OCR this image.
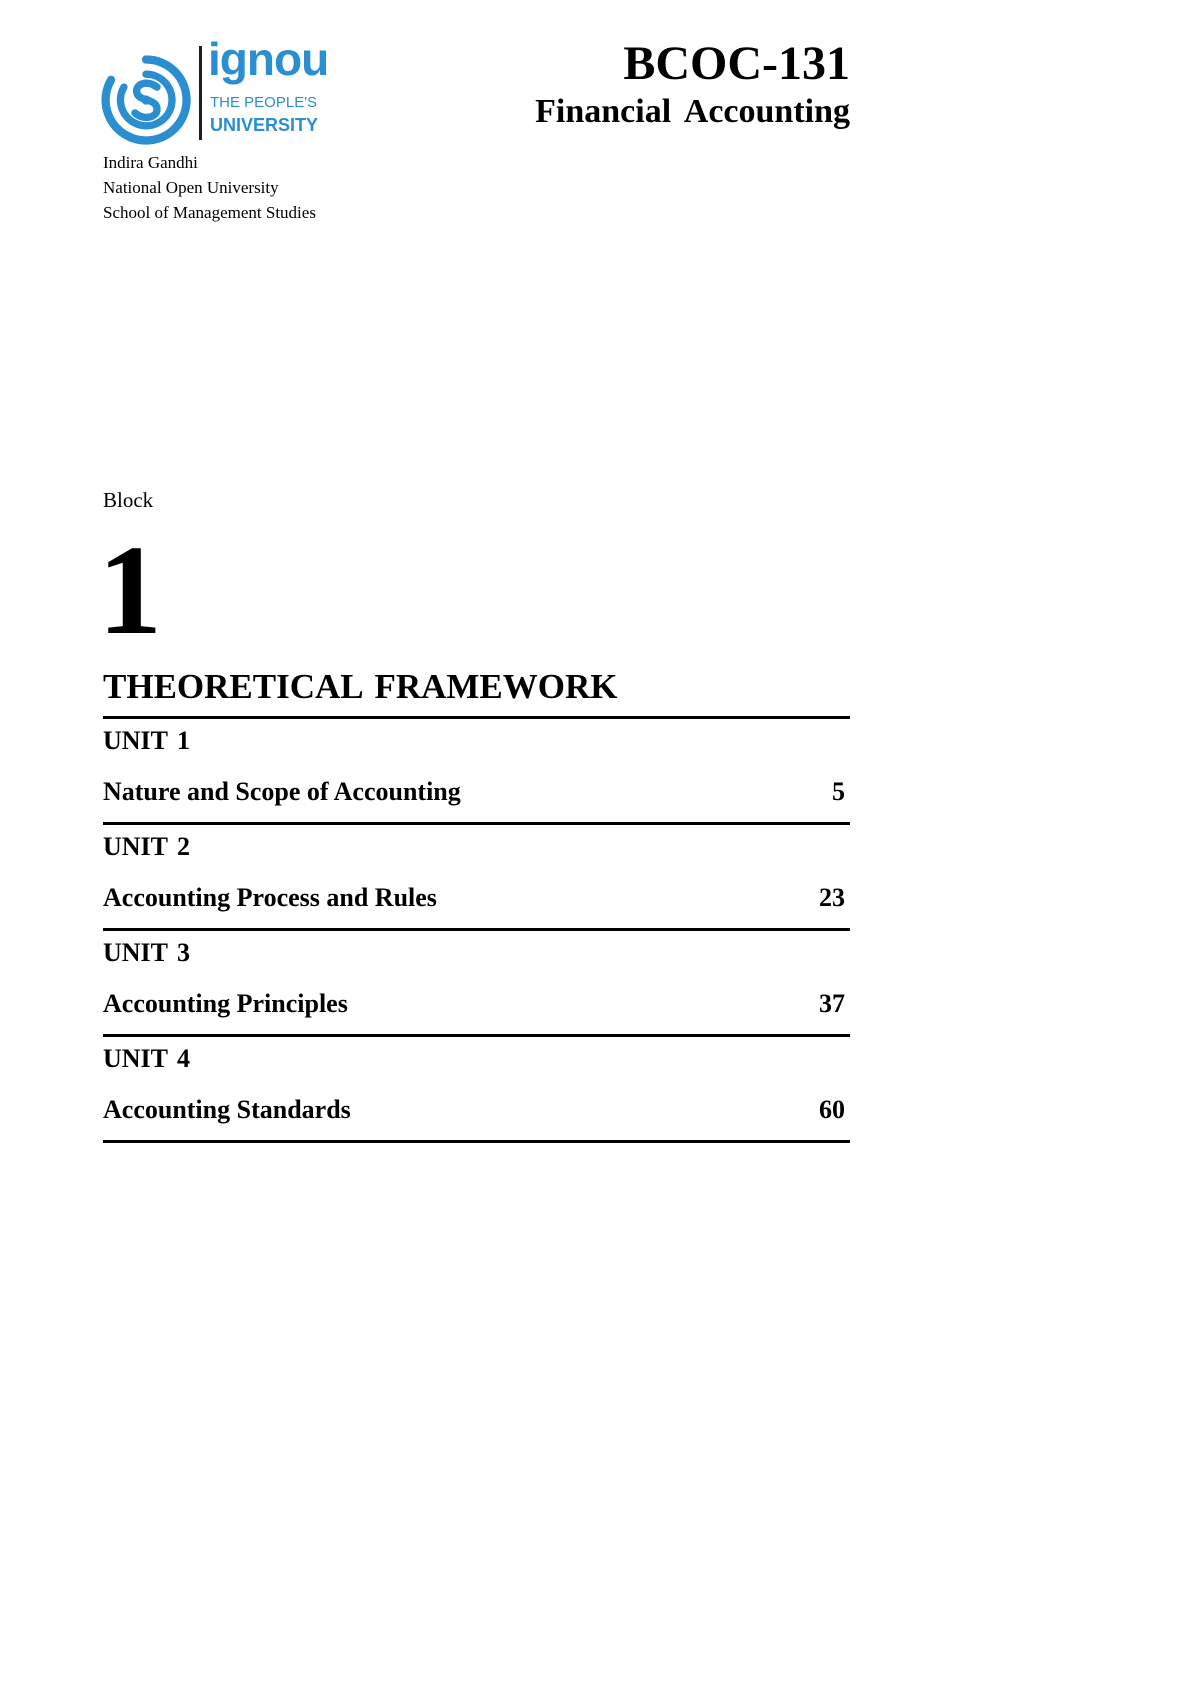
ignou
THE PEOPLE'S
UNIVERSITY
Indira Gandhi
National Open University
School of Management Studies
BCOC-131
Financial Accounting
Block
1
THEORETICAL FRAMEWORK
UNIT 1
Nature and Scope of Accounting	5
UNIT 2
Accounting Process and Rules	23
UNIT 3
Accounting Principles	37
UNIT 4
Accounting Standards	60
